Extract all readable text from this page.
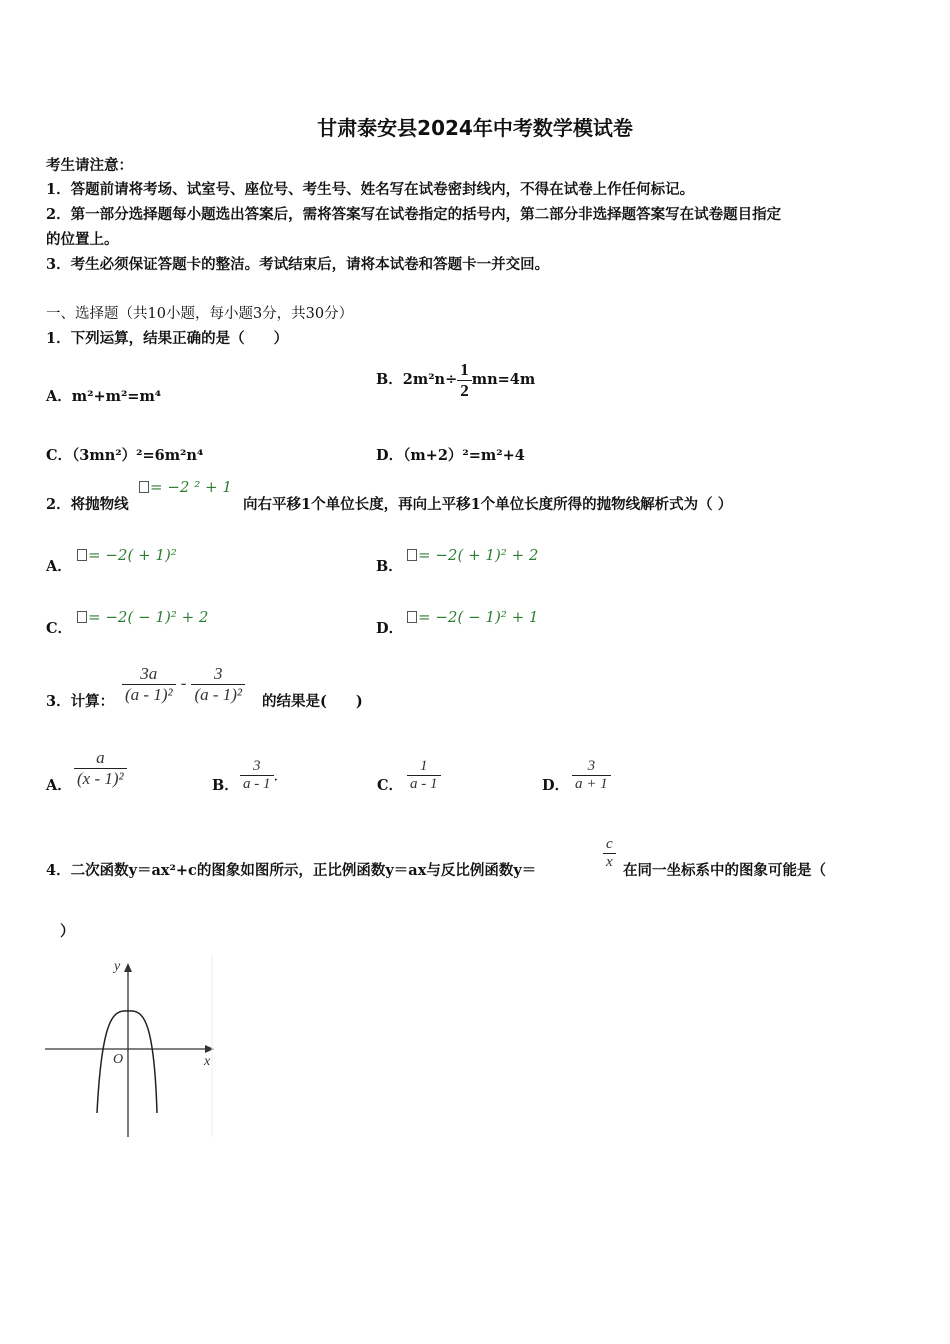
甘肃泰安县2024年中考数学模试卷
考生请注意：
1．答题前请将考场、试室号、座位号、考生号、姓名写在试卷密封线内，不得在试卷上作任何标记。
2．第一部分选择题每小题选出答案后，需将答案写在试卷指定的括号内，第二部分非选择题答案写在试卷题目指定
的位置上。
3．考生必须保证答题卡的整洁。考试结束后，请将本试卷和答题卡一并交回。
一、选择题（共10小题，每小题3分，共30分）
1．下列运算，结果正确的是（　　）
A．m²+m²=m⁴
B．$2m^2n\div \frac{1}{2} mn=4m$
C．（3mn²）²=6m²n⁴	D．（m+2）²=m²+4
2．将抛物线
= −2 ² + 1
向右平移1个单位长度，再向上平移1个单位长度所得的抛物线解析式为（ ）
A．
= −2( + 1)²
B．
= −2( + 1)² + 2
C．
= −2( − 1)² + 2
D．
= −2( − 1)² + 1
3．计算： $\frac{3a}{\text{(a - 1)²}} - \frac{3}{\text{(a - 1)²}}$ 的结果是(　　)
A． $\frac{a}{\text{(x - 1)²}}$	B． $\frac{3}{a - 1}$ .
C． $\frac{1}{a - 1}$	D． $\frac{3}{a + 1}$
4．二次函数y＝ax²+c的图象如图所示，正比例函数y＝ax与反比例函数y＝	$\frac{c}{x}$ 在同一坐标系中的图象可能是（
）
y
x
O
